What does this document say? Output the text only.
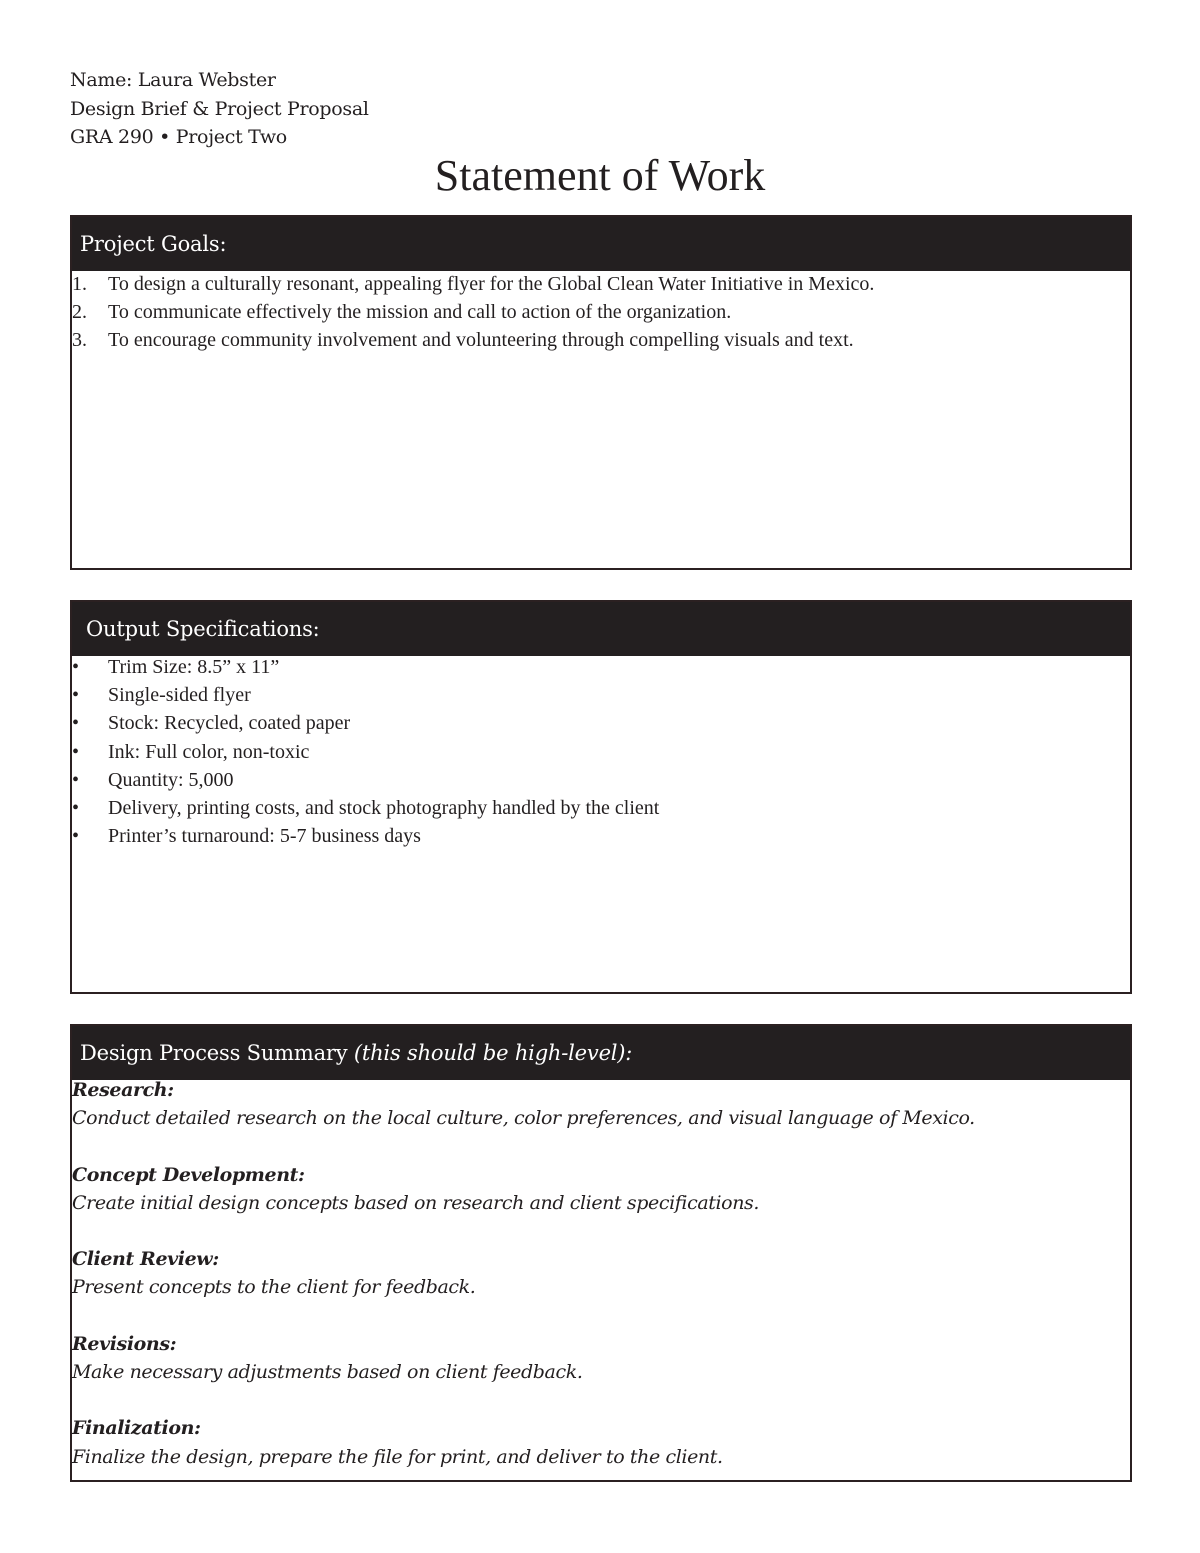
Name: Laura Webster
Design Brief & Project Proposal
GRA 290 • Project Two
Statement of Work
Project Goals:
1. To design a culturally resonant, appealing flyer for the Global Clean Water Initiative in Mexico.
2. To communicate effectively the mission and call to action of the organization.
3. To encourage community involvement and volunteering through compelling visuals and text.
Output Specifications:
• Trim Size: 8.5” x 11”
• Single-sided flyer
• Stock: Recycled, coated paper
• Ink: Full color, non-toxic
• Quantity: 5,000
• Delivery, printing costs, and stock photography handled by the client
• Printer’s turnaround: 5-7 business days
Design Process Summary (this should be high-level):
Research:
Conduct detailed research on the local culture, color preferences, and visual language of Mexico.
Concept Development:
Create initial design concepts based on research and client specifications.
Client Review:
Present concepts to the client for feedback.
Revisions:
Make necessary adjustments based on client feedback.
Finalization:
Finalize the design, prepare the file for print, and deliver to the client.
